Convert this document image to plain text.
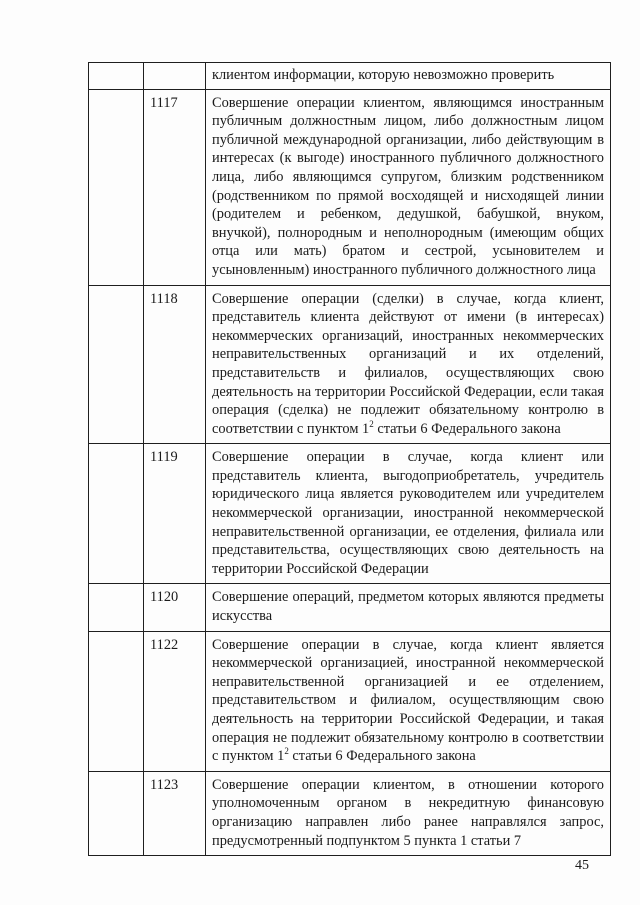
		клиентом информации, которую невозможно проверить
	1117	Совершение операции клиентом, являющимся иностранным публичным должностным лицом, либо должностным лицом публичной международной организации, либо действующим в интересах (к выгоде) иностранного публичного должностного лица, либо являющимся супругом, близким родственником (родственником по прямой восходящей и нисходящей линии (родителем и ребенком, дедушкой, бабушкой, внуком, внучкой), полнородным и неполнородным (имеющим общих отца или мать) братом и сестрой, усыновителем и усыновленным) иностранного публичного должностного лица
	1118	Совершение операции (сделки) в случае, когда клиент, представитель клиента действуют от имени (в интересах) некоммерческих организаций, иностранных некоммерческих неправительственных организаций и их отделений, представительств и филиалов, осуществляющих свою деятельность на территории Российской Федерации, если такая операция (сделка) не подлежит обязательному контролю в соответствии с пунктом $1^2$ статьи 6 Федерального закона
	1119	Совершение операции в случае, когда клиент или представитель клиента, выгодоприобретатель, учредитель юридического лица является руководителем или учредителем некоммерческой организации, иностранной некоммерческой неправительственной организации, ее отделения, филиала или представительства, осуществляющих свою деятельность на территории Российской Федерации
	1120	Совершение операций, предметом которых являются предметы искусства
	1122	Совершение операции в случае, когда клиент является некоммерческой организацией, иностранной некоммерческой неправительственной организацией и ее отделением, представительством и филиалом, осуществляющим свою деятельность на территории Российской Федерации, и такая операция не подлежит обязательному контролю в соответствии с пунктом $1^2$ статьи 6 Федерального закона
	1123	Совершение операции клиентом, в отношении которого уполномоченным органом в некредитную финансовую организацию направлен либо ранее направлялся запрос, предусмотренный подпунктом 5 пункта 1 статьи 7
45
